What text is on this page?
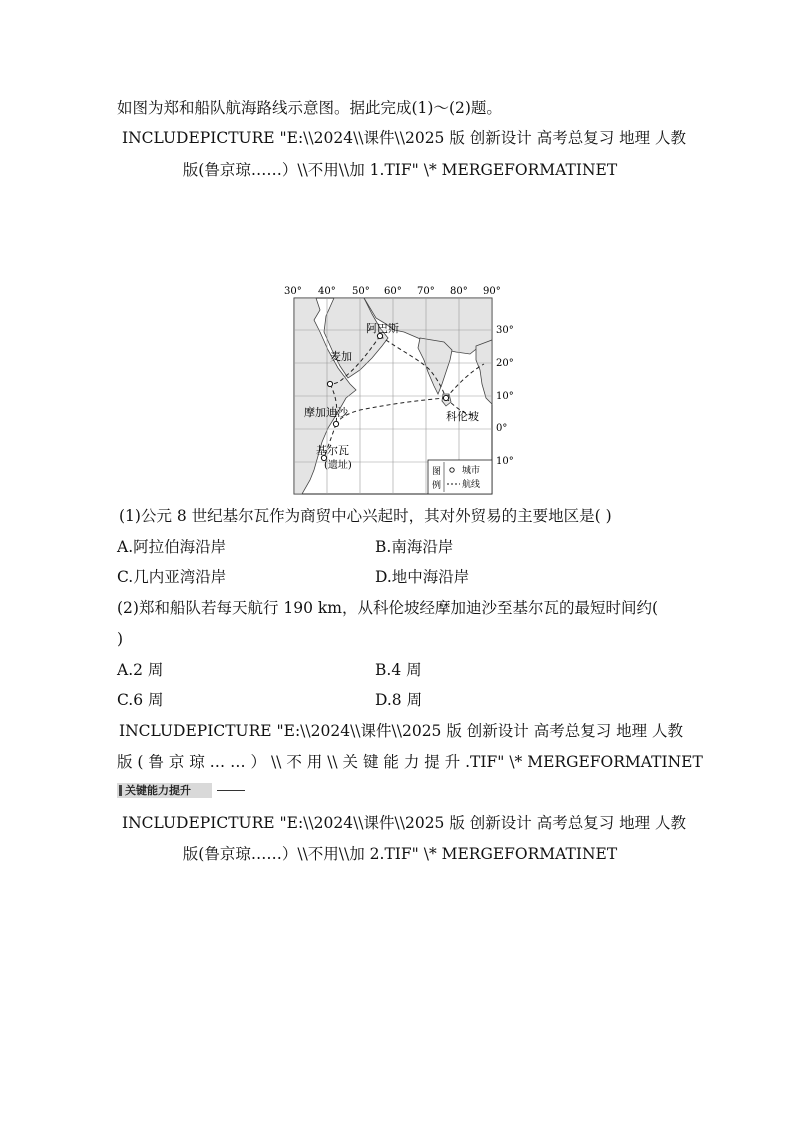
如图为郑和船队航海路线示意图。据此完成(1)～(2)题。
INCLUDEPICTURE "E:\\2024\\课件\\2025 版 创新设计 高考总复习 地理 人教
版(鲁京琼……）\\不用\\加 1.TIF" \* MERGEFORMATINET
30° 40° 50° 60° 70° 80° 90°
阿巴斯
麦加
摩加迪沙	科伦坡
基尔瓦
(遗址)
30°
20°
10°
0°
10°
图
例
城市
航线
(1)公元 8 世纪基尔瓦作为商贸中心兴起时，其对外贸易的主要地区是( )
A.阿拉伯海沿岸	B.南海沿岸
C.几内亚湾沿岸	D.地中海沿岸
(2)郑和船队若每天航行 190 km，从科伦坡经摩加迪沙至基尔瓦的最短时间约(
)
A.2 周	B.4 周
C.6 周	D.8 周
INCLUDEPICTURE "E:\\2024\\课件\\2025 版 创新设计 高考总复习 地理 人教
版 ( 鲁 京 琼 … … ） \\ 不 用 \\ 关 键 能 力 提 升 .TIF" \* MERGEFORMATINET
关键能力提升
INCLUDEPICTURE "E:\\2024\\课件\\2025 版 创新设计 高考总复习 地理 人教
版(鲁京琼……）\\不用\\加 2.TIF" \* MERGEFORMATINET
